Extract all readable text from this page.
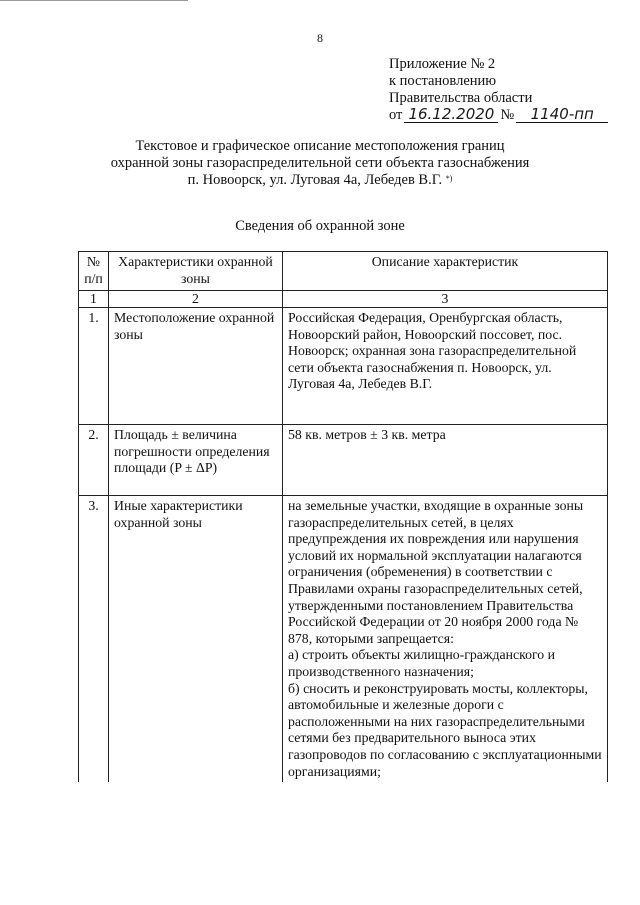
8
Приложение № 2
к постановлению
Правительства области
от 16.12.2020 № 1140-пп
Текстовое и графическое описание местоположения границ
охранной зоны газораспределительной сети объекта газоснабжения
п. Новоорск, ул. Луговая 4а, Лебедев В.Г. *)
Сведения об охранной зоне
№ п/п	Характеристики охранной зоны	Описание характеристик
1	2	3
1.	Местоположение охранной зоны	Российская Федерация, Оренбургская область, Новоорский район, Новоорский поссовет, пос. Новоорск; охранная зона газораспределительной сети объекта газоснабжения п. Новоорск, ул. Луговая 4а, Лебедев В.Г.
2.	Площадь ± величина погрешности определения площади (P ± ΔP)	58 кв. метров ± 3 кв. метра
3.	Иные характеристики охранной зоны	на земельные участки, входящие в охранные зоны газораспределительных сетей, в целях предупреждения их повреждения или нарушения условий их нормальной эксплуатации налагаются ограничения (обременения) в соответствии с Правилами охраны газораспределительных сетей, утвержденными постановлением Правительства Российской Федерации от 20 ноября 2000 года № 878, которыми запрещается:
а) строить объекты жилищно-гражданского и производственного назначения;
б) сносить и реконструировать мосты, коллекторы, автомобильные и железные дороги с расположенными на них газораспределительными сетями без предварительного выноса этих газопроводов по согласованию с эксплуатационными организациями;
